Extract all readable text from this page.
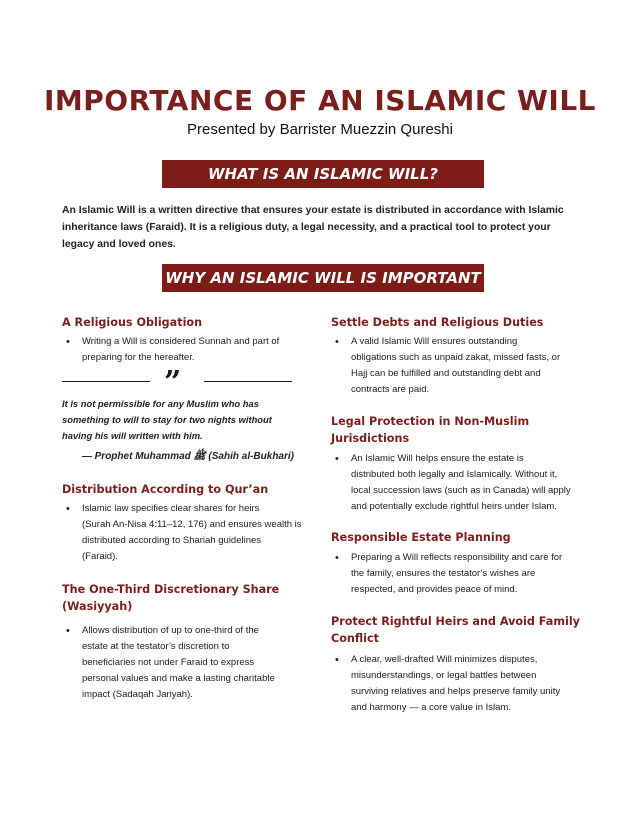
IMPORTANCE OF AN ISLAMIC WILL
Presented by Barrister Muezzin Qureshi
WHAT IS AN ISLAMIC WILL?
An Islamic Will is a written directive that ensures your estate is distributed in accordance with Islamic
inheritance laws (Faraid). It is a religious duty, a legal necessity, and a practical tool to protect your
legacy and loved ones.
WHY AN ISLAMIC WILL IS IMPORTANT
A Religious Obligation
• Writing a Will is considered Sunnah and part of
preparing for the hereafter.
”
It is not permissible for any Muslim who has
something to will to stay for two nights without
having his will written with him.
— Prophet Muhammad ﷺ (Sahih al-Bukhari)
Distribution According to Qur’an
• Islamic law specifies clear shares for heirs
(Surah An-Nisa 4:11–12, 176) and ensures wealth is
distributed according to Shariah guidelines
(Faraid).
The One-Third Discretionary Share
(Wasiyyah)
• Allows distribution of up to one-third of the
estate at the testator’s discretion to
beneficiaries not under Faraid to express
personal values and make a lasting charitable
impact (Sadaqah Jariyah).
Settle Debts and Religious Duties
• A valid Islamic Will ensures outstanding
obligations such as unpaid zakat, missed fasts, or
Hajj can be fulfilled and outstanding debt and
contracts are paid.
Legal Protection in Non-Muslim
Jurisdictions
• An Islamic Will helps ensure the estate is
distributed both legally and Islamically. Without it,
local succession laws (such as in Canada) will apply
and potentially exclude rightful heirs under Islam.
Responsible Estate Planning
• Preparing a Will reflects responsibility and care for
the family, ensures the testator’s wishes are
respected, and provides peace of mind.
Protect Rightful Heirs and Avoid Family
Conflict
• A clear, well-drafted Will minimizes disputes,
misunderstandings, or legal battles between
surviving relatives and helps preserve family unity
and harmony — a core value in Islam.
